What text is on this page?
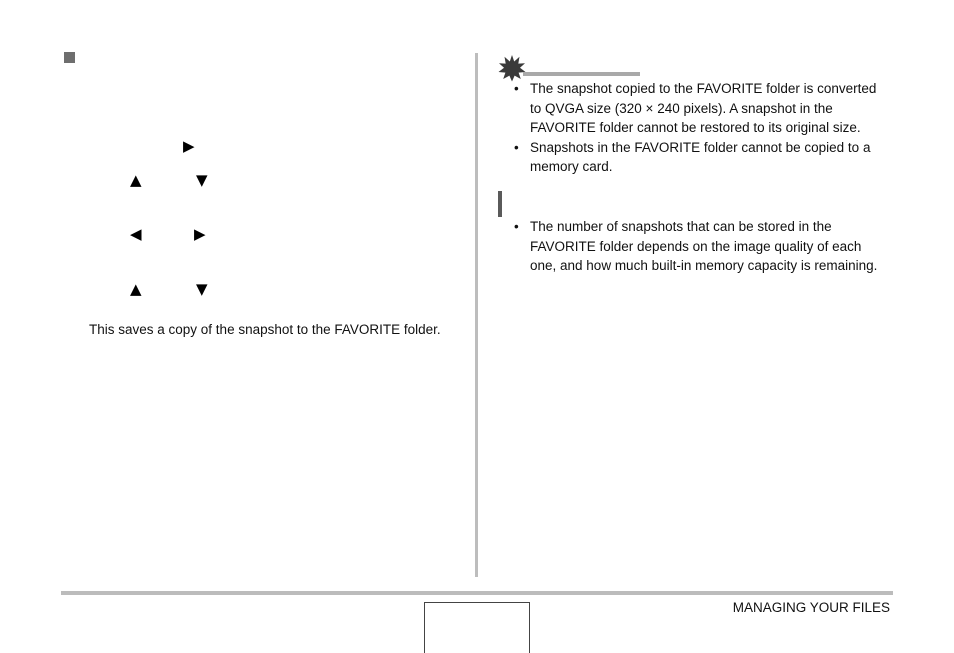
▶
▲	▼
◀	▶
▲	▼
This saves a copy of the snapshot to the FAVORITE folder.
• The snapshot copied to the FAVORITE folder is converted
to QVGA size (320 × 240 pixels). A snapshot in the
FAVORITE folder cannot be restored to its original size.
• Snapshots in the FAVORITE folder cannot be copied to a
memory card.
• The number of snapshots that can be stored in the
FAVORITE folder depends on the image quality of each
one, and how much built-in memory capacity is remaining.
MANAGING YOUR FILES
